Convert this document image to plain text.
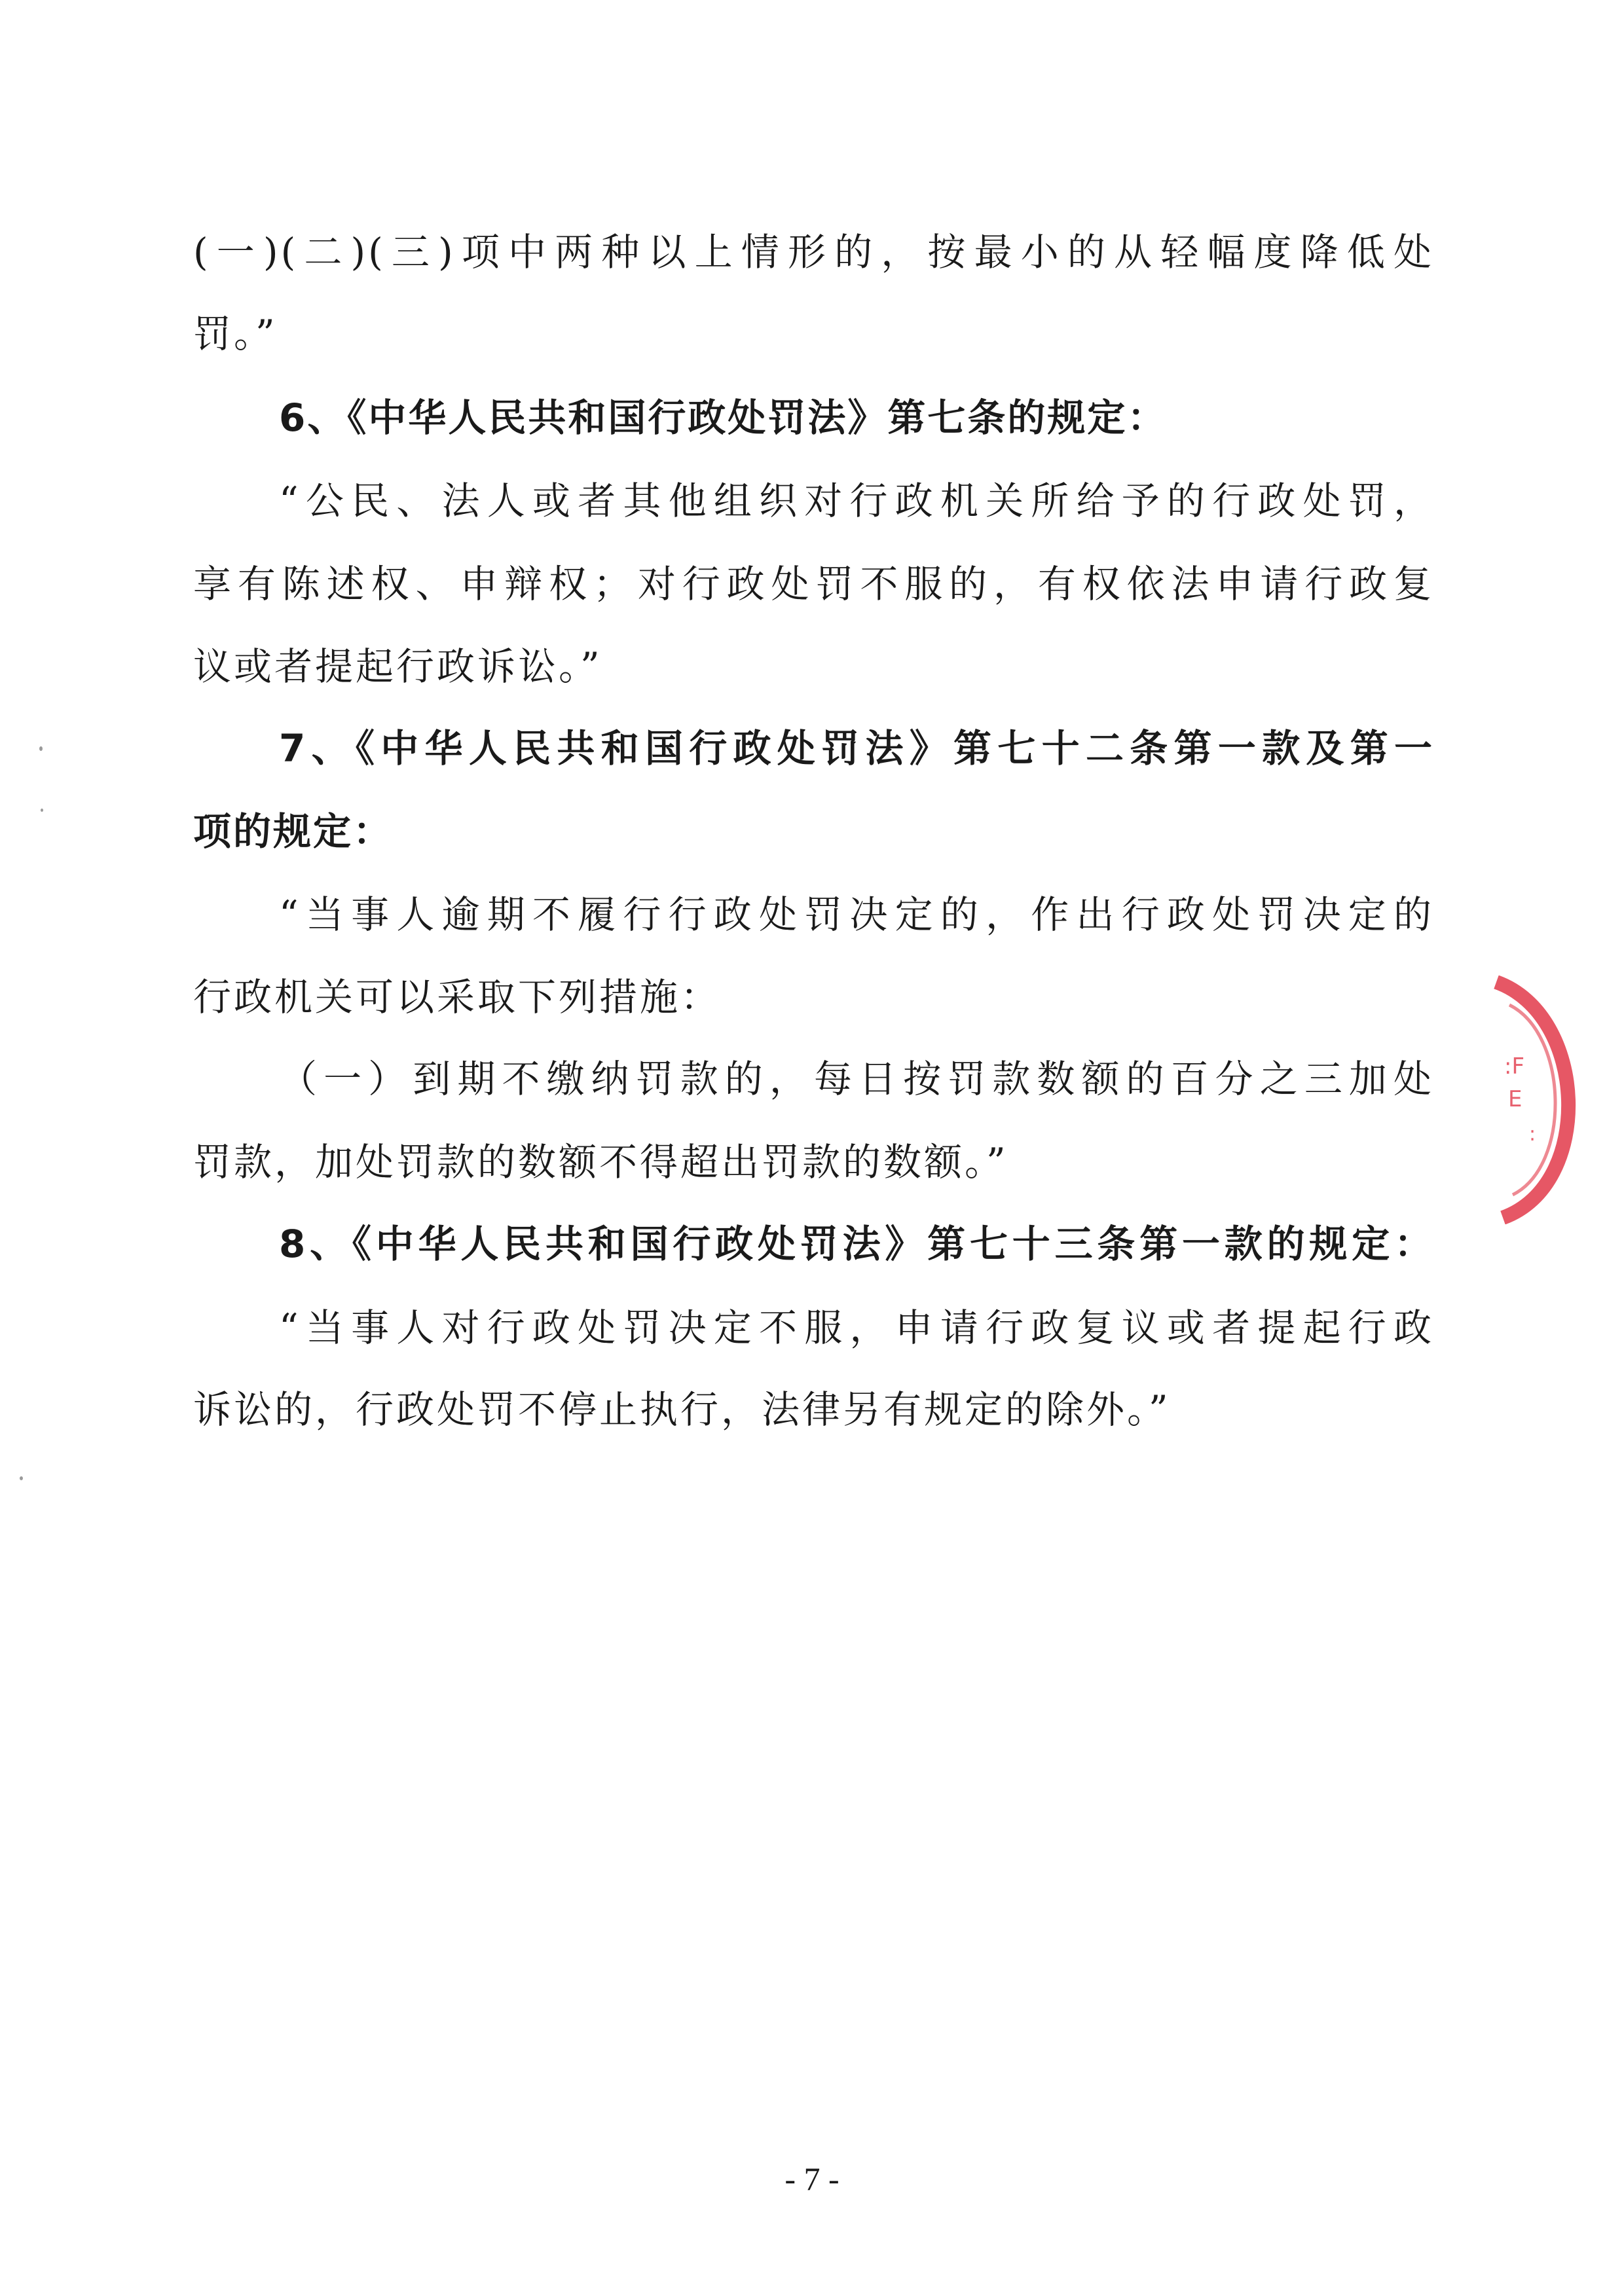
(一)(二)(三)项中两种以上情形的，按最小的从轻幅度降低处
罚。”
6、《中华人民共和国行政处罚法》第七条的规定：
“公民、法人或者其他组织对行政机关所给予的行政处罚，
享有陈述权、申辩权；对行政处罚不服的，有权依法申请行政复
议或者提起行政诉讼。”
7、《中华人民共和国行政处罚法》第七十二条第一款及第一
项的规定：
“当事人逾期不履行行政处罚决定的，作出行政处罚决定的
行政机关可以采取下列措施：
（一）到期不缴纳罚款的，每日按罚款数额的百分之三加处
罚款，加处罚款的数额不得超出罚款的数额。”
8、《中华人民共和国行政处罚法》第七十三条第一款的规定：
“当事人对行政处罚决定不服，申请行政复议或者提起行政
诉讼的，行政处罚不停止执行，法律另有规定的除外。”
:F
E
:
- 7 -
